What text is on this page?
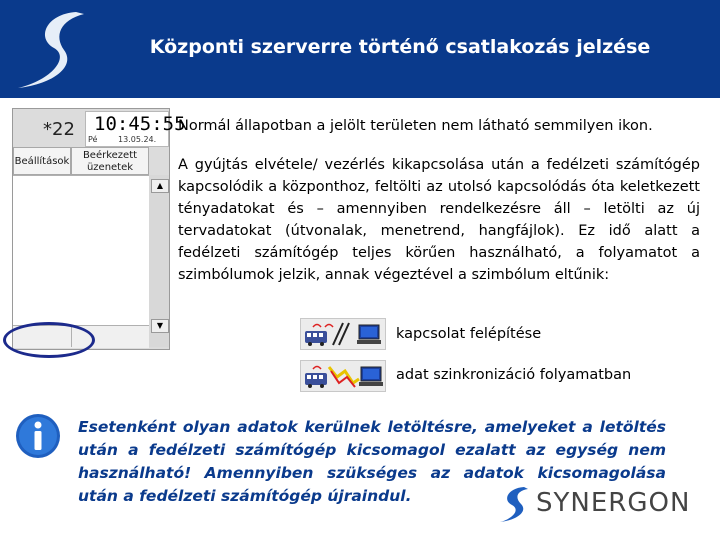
Központi szerverre történő csatlakozás jelzése
*22 10:45:55
Pé	13.05.24.
Beállítások
Beérkezett
üzenetek
▲
▼
Normál állapotban a jelölt területen nem látható semmilyen ikon.
A gyújtás elvétele/ vezérlés kikapcsolása után a fedélzeti számítógép kapcsolódik a központhoz, feltölti az utolsó kapcsolódás óta keletkezett tényadatokat és – amennyiben rendelkezésre áll – letölti az új tervadatokat (útvonalak, menetrend, hangfájlok). Ez idő alatt a fedélzeti számítógép teljes körűen használható, a folyamatot a szimbólumok jelzik, annak végeztével a szimbólum eltűnik:
kapcsolat felépítése
adat szinkronizáció folyamatban
Esetenként olyan adatok kerülnek letöltésre, amelyeket a letöltés után a fedélzeti számítógép kicsomagol ezalatt az egység nem használható! Amennyiben szükséges az adatok kicsomagolása után a fedélzeti számítógép újraindul.	SYNERGON
